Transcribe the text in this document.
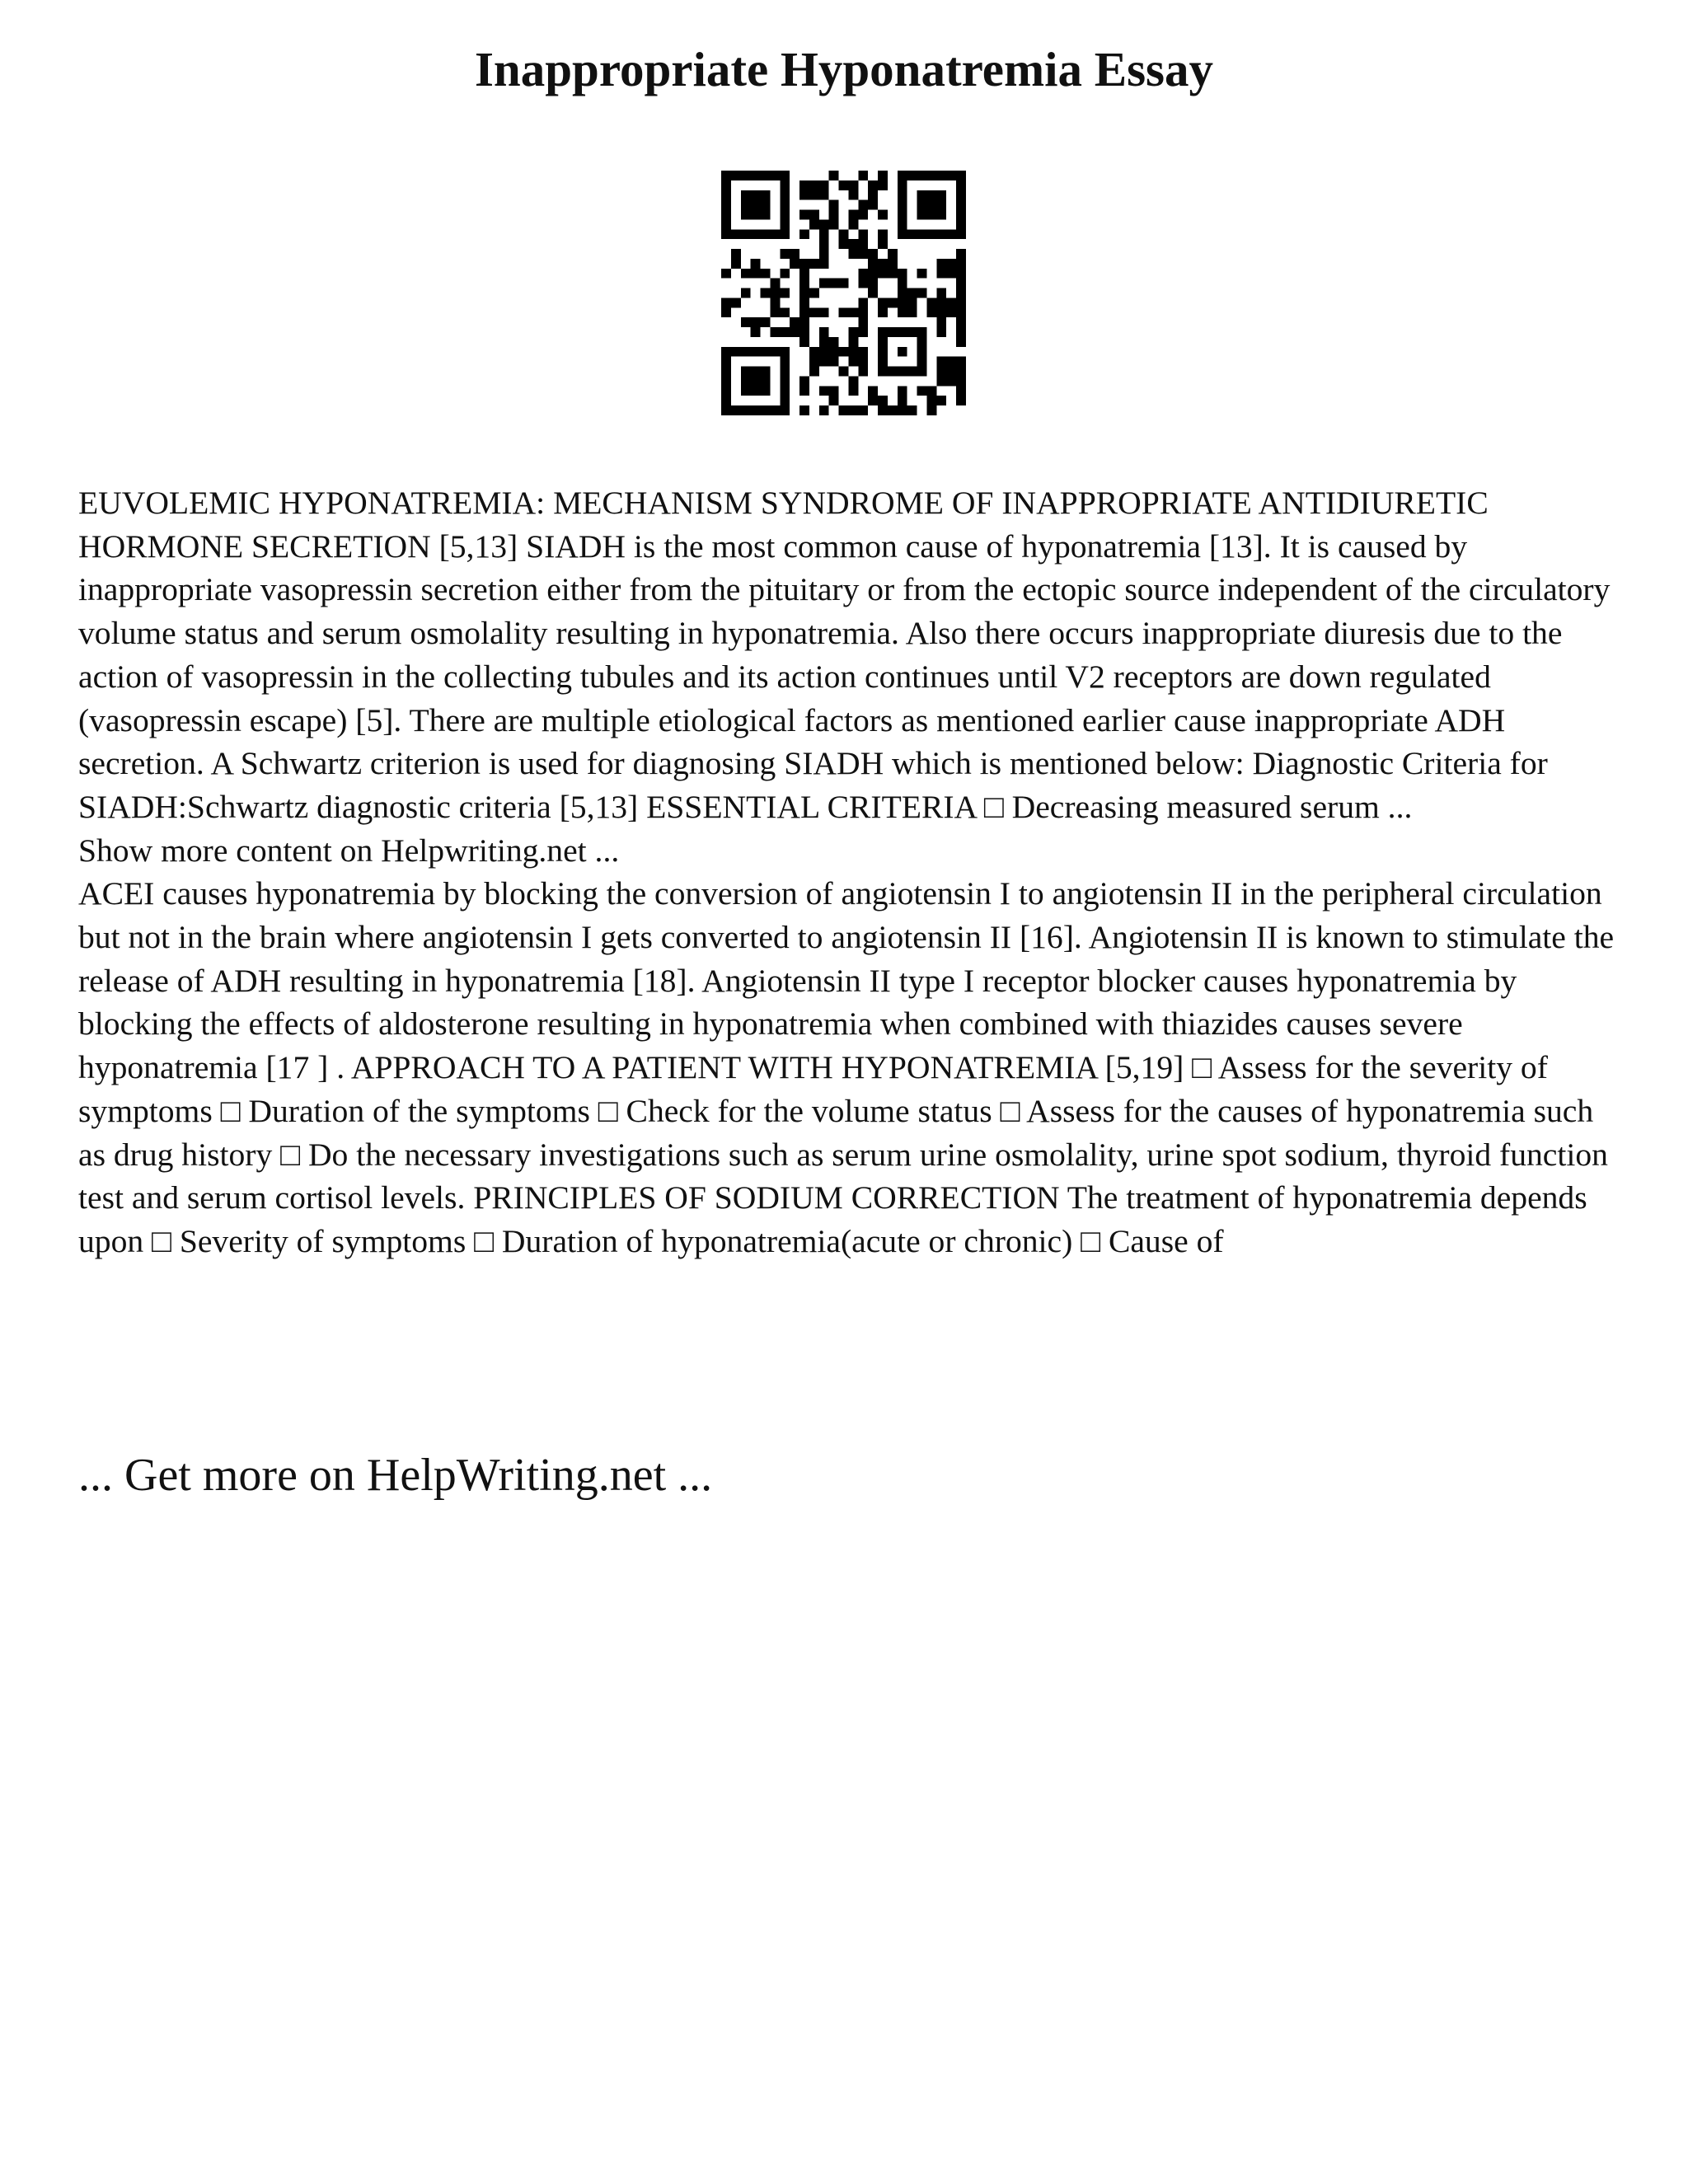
Inappropriate Hyponatremia Essay

EUVOLEMIC HYPONATREMIA: MECHANISM SYNDROME OF INAPPROPRIATE ANTIDIURETIC HORMONE SECRETION [5,13] SIADH is the most common cause of hyponatremia [13]. It is caused by inappropriate vasopressin secretion either from the pituitary or from the ectopic source independent of the circulatory volume status and serum osmolality resulting in hyponatremia. Also there occurs inappropriate diuresis due to the action of vasopressin in the collecting tubules and its action continues until V2 receptors are down regulated (vasopressin escape) [5]. There are multiple etiological factors as mentioned earlier cause inappropriate ADH secretion. A Schwartz criterion is used for diagnosing SIADH which is mentioned below: Diagnostic Criteria for SIADH:Schwartz diagnostic criteria [5,13] ESSENTIAL CRITERIA □ Decreasing measured serum ...

Show more content on Helpwriting.net ...

ACEI causes hyponatremia by blocking the conversion of angiotensin I to angiotensin II in the peripheral circulation but not in the brain where angiotensin I gets converted to angiotensin II [16]. Angiotensin II is known to stimulate the release of ADH resulting in hyponatremia [18]. Angiotensin II type I receptor blocker causes hyponatremia by blocking the effects of aldosterone resulting in hyponatremia when combined with thiazides causes severe hyponatremia [17 ] . APPROACH TO A PATIENT WITH HYPONATREMIA [5,19] □ Assess for the severity of symptoms □ Duration of the symptoms □ Check for the volume status □ Assess for the causes of hyponatremia such as drug history □ Do the necessary investigations such as serum urine osmolality, urine spot sodium, thyroid function test and serum cortisol levels. PRINCIPLES OF SODIUM CORRECTION The treatment of hyponatremia depends upon □ Severity of symptoms □ Duration of hyponatremia(acute or chronic) □ Cause of

... Get more on HelpWriting.net ...
